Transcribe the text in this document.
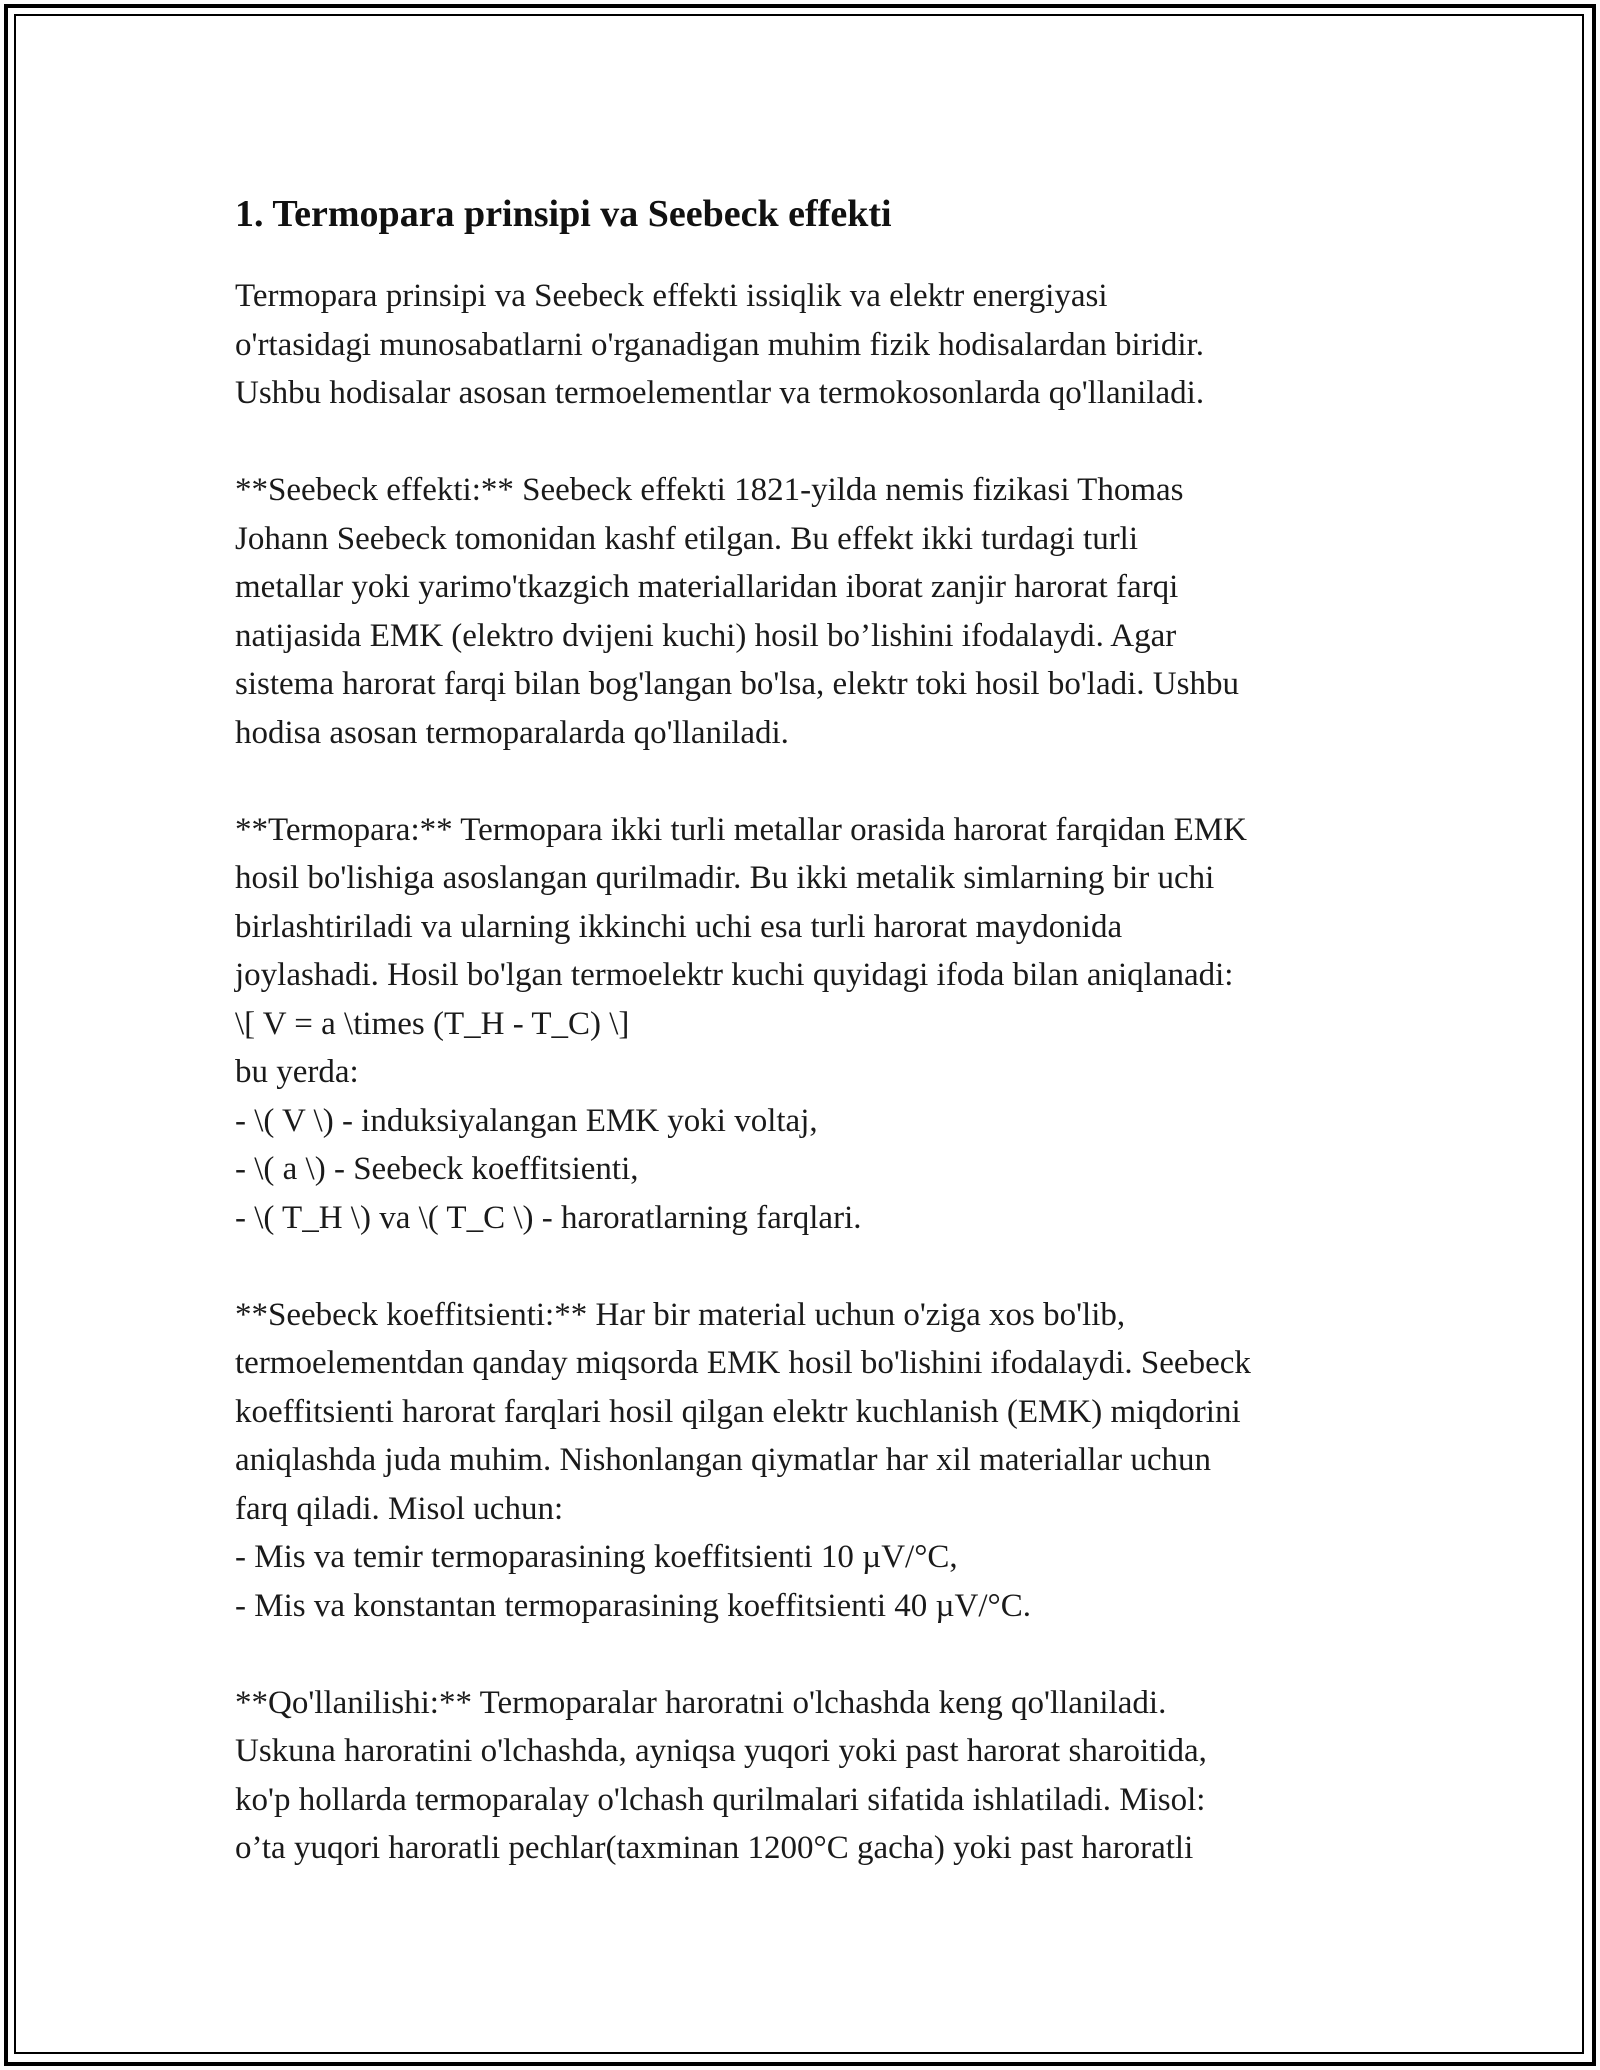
1. Termopara prinsipi va Seebeck effekti
Termopara prinsipi va Seebeck effekti issiqlik va elektr energiyasi
o'rtasidagi munosabatlarni o'rganadigan muhim fizik hodisalardan biridir.
Ushbu hodisalar asosan termoelementlar va termokosonlarda qo'llaniladi.
**Seebeck effekti:** Seebeck effekti 1821-yilda nemis fizikasi Thomas
Johann Seebeck tomonidan kashf etilgan. Bu effekt ikki turdagi turli
metallar yoki yarimo'tkazgich materiallaridan iborat zanjir harorat farqi
natijasida EMK (elektro dvijeni kuchi) hosil bo’lishini ifodalaydi. Agar
sistema harorat farqi bilan bog'langan bo'lsa, elektr toki hosil bo'ladi. Ushbu
hodisa asosan termoparalarda qo'llaniladi.
**Termopara:** Termopara ikki turli metallar orasida harorat farqidan EMK
hosil bo'lishiga asoslangan qurilmadir. Bu ikki metalik simlarning bir uchi
birlashtiriladi va ularning ikkinchi uchi esa turli harorat maydonida
joylashadi. Hosil bo'lgan termoelektr kuchi quyidagi ifoda bilan aniqlanadi:
\[ V = a \times (T_H - T_C) \]
bu yerda:
- \( V \) - induksiyalangan EMK yoki voltaj,
- \( a \) - Seebeck koeffitsienti,
- \( T_H \) va \( T_C \) - haroratlarning farqlari.
**Seebeck koeffitsienti:** Har bir material uchun o'ziga xos bo'lib,
termoelementdan qanday miqsorda EMK hosil bo'lishini ifodalaydi. Seebeck
koeffitsienti harorat farqlari hosil qilgan elektr kuchlanish (EMK) miqdorini
aniqlashda juda muhim. Nishonlangan qiymatlar har xil materiallar uchun
farq qiladi. Misol uchun:
- Mis va temir termoparasining koeffitsienti 10 µV/°C,
- Mis va konstantan termoparasining koeffitsienti 40 µV/°C.
**Qo'llanilishi:** Termoparalar haroratni o'lchashda keng qo'llaniladi.
Uskuna haroratini o'lchashda, ayniqsa yuqori yoki past harorat sharoitida,
ko'p hollarda termoparalay o'lchash qurilmalari sifatida ishlatiladi. Misol:
o’ta yuqori haroratli pechlar(taxminan 1200°C gacha) yoki past haroratli
